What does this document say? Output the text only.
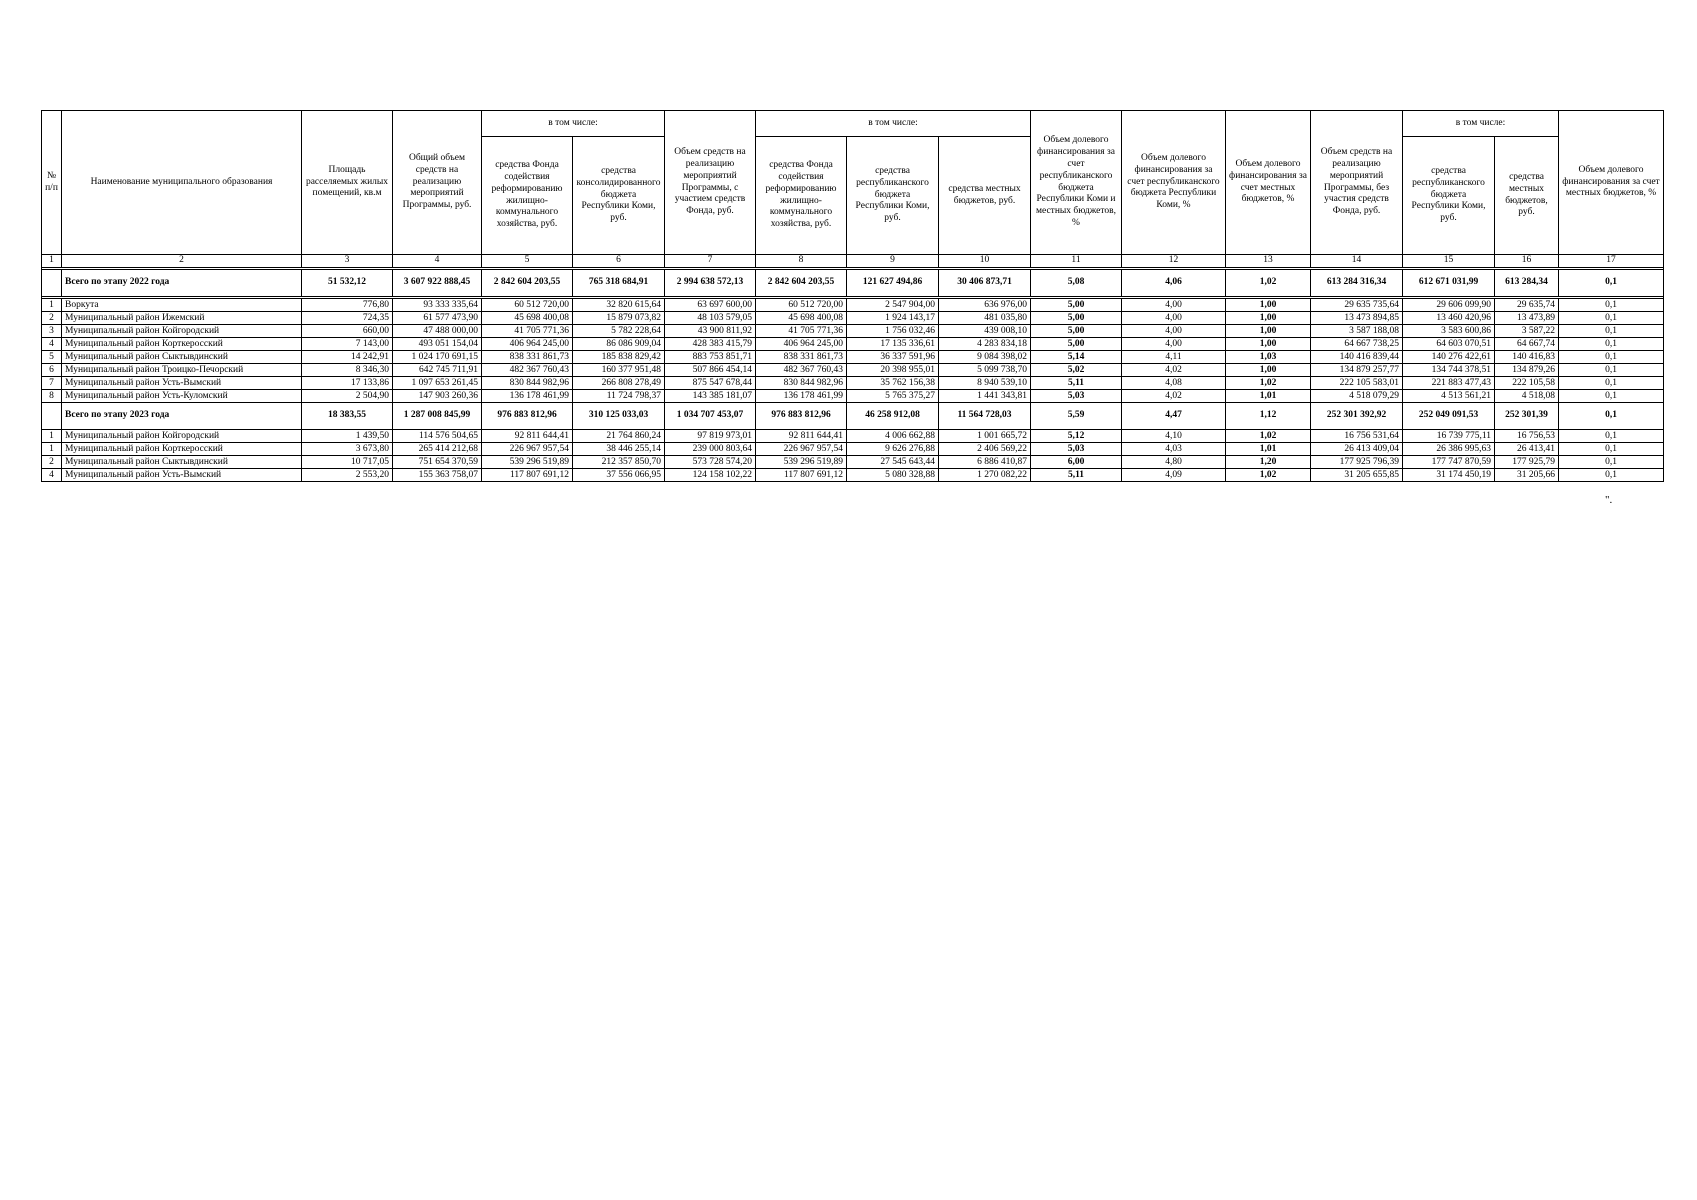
№ п/п	Наименование муниципального образования	Площадь расселяемых жилых помещений, кв.м	Общий объем средств на реализацию мероприятий Программы, руб.	в том числе:		Объем средств на реализацию мероприятий Программы, с участием средств Фонда, руб.	в том числе:			Объем долевого финансирования за счет республиканского бюджета Республики Коми и местных бюджетов, %	Объем долевого финансирования за счет республиканского бюджета Республики Коми, %	Объем долевого финансирования за счет местных бюджетов, %	Объем средств на реализацию мероприятий Программы, без участия средств Фонда, руб.	в том числе:		Объем долевого финансирования за счет местных бюджетов, %
				средства Фонда содействия реформированию жилищно-коммунального хозяйства, руб.	средства консолидированного бюджета Республики Коми, руб.		средства Фонда содействия реформированию жилищно-коммунального хозяйства, руб.	средства республиканского бюджета Республики Коми, руб.	средства местных бюджетов, руб.					средства республиканского бюджета Республики Коми, руб.	средства местных бюджетов, руб.	
1	2	3	4	5	6	7	8	9	10	11	12	13	14	15	16	17

	Всего по этапу 2022 года	51 532,12	3 607 922 888,45	2 842 604 203,55	765 318 684,91	2 994 638 572,13	2 842 604 203,55	121 627 494,86	30 406 873,71	5,08	4,06	1,02	613 284 316,34	612 671 031,99	613 284,34	0,1

1	Воркута	776,80	93 333 335,64	60 512 720,00	32 820 615,64	63 697 600,00	60 512 720,00	2 547 904,00	636 976,00	5,00	4,00	1,00	29 635 735,64	29 606 099,90	29 635,74	0,1
2	Муниципальный район Ижемский	724,35	61 577 473,90	45 698 400,08	15 879 073,82	48 103 579,05	45 698 400,08	1 924 143,17	481 035,80	5,00	4,00	1,00	13 473 894,85	13 460 420,96	13 473,89	0,1
3	Муниципальный район Койгородский	660,00	47 488 000,00	41 705 771,36	5 782 228,64	43 900 811,92	41 705 771,36	1 756 032,46	439 008,10	5,00	4,00	1,00	3 587 188,08	3 583 600,86	3 587,22	0,1
4	Муниципальный район Корткеросский	7 143,00	493 051 154,04	406 964 245,00	86 086 909,04	428 383 415,79	406 964 245,00	17 135 336,61	4 283 834,18	5,00	4,00	1,00	64 667 738,25	64 603 070,51	64 667,74	0,1
5	Муниципальный район Сыктывдинский	14 242,91	1 024 170 691,15	838 331 861,73	185 838 829,42	883 753 851,71	838 331 861,73	36 337 591,96	9 084 398,02	5,14	4,11	1,03	140 416 839,44	140 276 422,61	140 416,83	0,1
6	Муниципальный район Троицко-Печорский	8 346,30	642 745 711,91	482 367 760,43	160 377 951,48	507 866 454,14	482 367 760,43	20 398 955,01	5 099 738,70	5,02	4,02	1,00	134 879 257,77	134 744 378,51	134 879,26	0,1
7	Муниципальный район Усть-Вымский	17 133,86	1 097 653 261,45	830 844 982,96	266 808 278,49	875 547 678,44	830 844 982,96	35 762 156,38	8 940 539,10	5,11	4,08	1,02	222 105 583,01	221 883 477,43	222 105,58	0,1
8	Муниципальный район Усть-Куломский	2 504,90	147 903 260,36	136 178 461,99	11 724 798,37	143 385 181,07	136 178 461,99	5 765 375,27	1 441 343,81	5,03	4,02	1,01	4 518 079,29	4 513 561,21	4 518,08	0,1
	Всего по этапу 2023 года	18 383,55	1 287 008 845,99	976 883 812,96	310 125 033,03	1 034 707 453,07	976 883 812,96	46 258 912,08	11 564 728,03	5,59	4,47	1,12	252 301 392,92	252 049 091,53	252 301,39	0,1
1	Муниципальный район Койгородский	1 439,50	114 576 504,65	92 811 644,41	21 764 860,24	97 819 973,01	92 811 644,41	4 006 662,88	1 001 665,72	5,12	4,10	1,02	16 756 531,64	16 739 775,11	16 756,53	0,1
1	Муниципальный район Корткеросский	3 673,80	265 414 212,68	226 967 957,54	38 446 255,14	239 000 803,64	226 967 957,54	9 626 276,88	2 406 569,22	5,03	4,03	1,01	26 413 409,04	26 386 995,63	26 413,41	0,1
2	Муниципальный район Сыктывдинский	10 717,05	751 654 370,59	539 296 519,89	212 357 850,70	573 728 574,20	539 296 519,89	27 545 643,44	6 886 410,87	6,00	4,80	1,20	177 925 796,39	177 747 870,59	177 925,79	0,1
4	Муниципальный район Усть-Вымский	2 553,20	155 363 758,07	117 807 691,12	37 556 066,95	124 158 102,22	117 807 691,12	5 080 328,88	1 270 082,22	5,11	4,09	1,02	31 205 655,85	31 174 450,19	31 205,66	0,1
".
